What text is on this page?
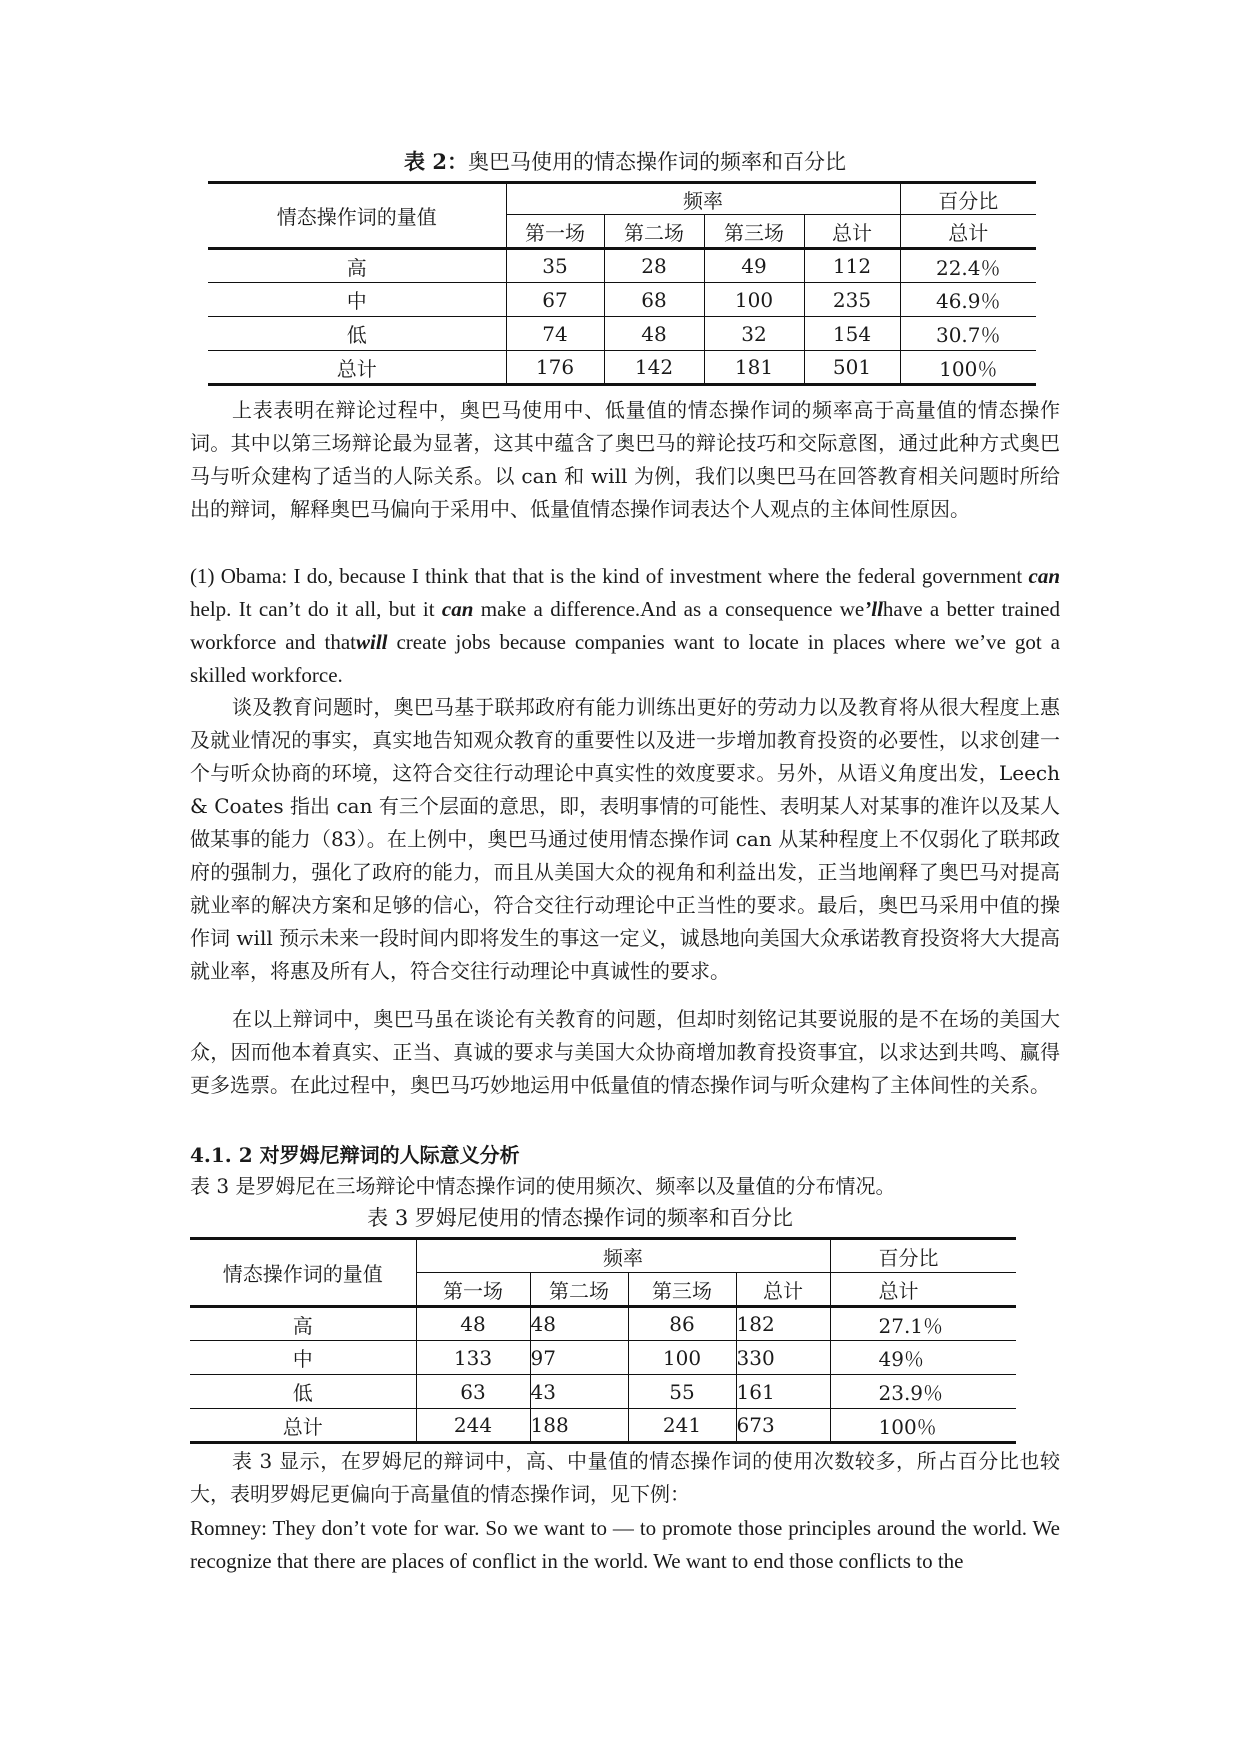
表 2：奥巴马使用的情态操作词的频率和百分比
情态操作词的量值	频率				百分比
	第一场	第二场	第三场	总计	总计
高	35	28	49	112	22.4％
中	67	68	100	235	46.9％
低	74	48	32	154	30.7％
总计	176	142	181	501	100％
上表表明在辩论过程中，奥巴马使用中、低量值的情态操作词的频率高于高量值的情态操作词。其中以第三场辩论最为显著，这其中蕴含了奥巴马的辩论技巧和交际意图，通过此种方式奥巴马与听众建构了适当的人际关系。以 can 和 will 为例，我们以奥巴马在回答教育相关问题时所给出的辩词，解释奥巴马偏向于采用中、低量值情态操作词表达个人观点的主体间性原因。
(1) Obama: I do, because I think that that is the kind of investment where the federal government can help. It can’t do it all, but it can make a difference.And as a consequence we’llhave a better trained workforce and thatwill create jobs because companies want to locate in places where we’ve got a skilled workforce.
谈及教育问题时，奥巴马基于联邦政府有能力训练出更好的劳动力以及教育将从很大程度上惠及就业情况的事实，真实地告知观众教育的重要性以及进一步增加教育投资的必要性，以求创建一个与听众协商的环境，这符合交往行动理论中真实性的效度要求。另外，从语义角度出发，Leech & Coates 指出 can 有三个层面的意思，即，表明事情的可能性、表明某人对某事的准许以及某人做某事的能力（83）。在上例中，奥巴马通过使用情态操作词 can 从某种程度上不仅弱化了联邦政府的强制力，强化了政府的能力，而且从美国大众的视角和利益出发，正当地阐释了奥巴马对提高就业率的解决方案和足够的信心，符合交往行动理论中正当性的要求。最后，奥巴马采用中值的操作词 will 预示未来一段时间内即将发生的事这一定义，诚恳地向美国大众承诺教育投资将大大提高就业率，将惠及所有人，符合交往行动理论中真诚性的要求。
在以上辩词中，奥巴马虽在谈论有关教育的问题，但却时刻铭记其要说服的是不在场的美国大众，因而他本着真实、正当、真诚的要求与美国大众协商增加教育投资事宜，以求达到共鸣、赢得更多选票。在此过程中，奥巴马巧妙地运用中低量值的情态操作词与听众建构了主体间性的关系。
4.1. 2 对罗姆尼辩词的人际意义分析
表 3 是罗姆尼在三场辩论中情态操作词的使用频次、频率以及量值的分布情况。
表 3 罗姆尼使用的情态操作词的频率和百分比
情态操作词的量值	频率				百分比
	第一场	第二场	第三场	总计	总计
高	48	48	86	182	27.1％
中	133	97	100	330	49％
低	63	43	55	161	23.9％
总计	244	188	241	673	100％
表 3 显示，在罗姆尼的辩词中，高、中量值的情态操作词的使用次数较多，所占百分比也较大，表明罗姆尼更偏向于高量值的情态操作词，见下例：
Romney: They don’t vote for war. So we want to — to promote those principles around the world. We recognize that there are places of conflict in the world. We want to end those conflicts to the
